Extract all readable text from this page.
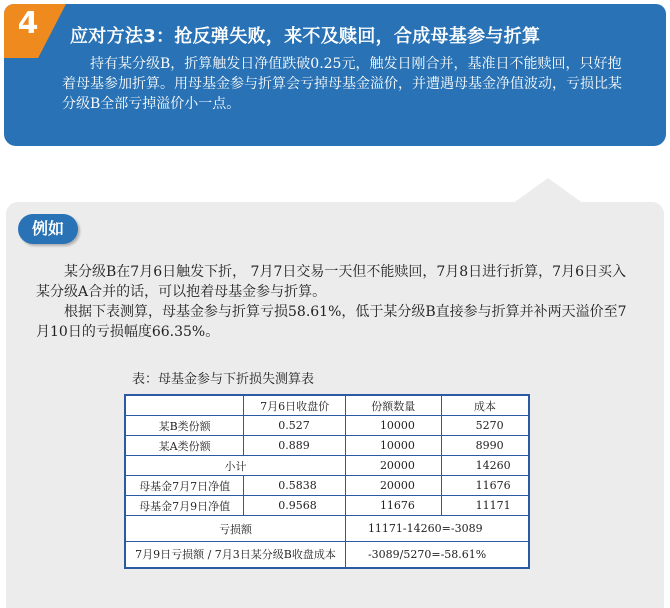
4	应对方法3：抢反弹失败，来不及赎回，合成母基参与折算
持有某分级B，折算触发日净值跌破0.25元，触发日刚合并，基准日不能赎回，只好抱着母基参加折算。用母基金参与折算会亏掉母基金溢价，并遭遇母基金净值波动，亏损比某分级B全部亏掉溢价小一点。
例如
某分级B在7月6日触发下折， 7月7日交易一天但不能赎回，7月8日进行折算，7月6日买入某分级A合并的话，可以抱着母基金参与折算。
根据下表测算，母基金参与折算亏损58.61%，低于某分级B直接参与折算并补两天溢价至7月10日的亏损幅度66.35%。
表：母基金参与下折损失测算表
	7月6日收盘价	份额数量	成本
某B类份额	0.527	10000	5270
某A类份额	0.889	10000	8990
小计		20000	14260
母基金7月7日净值	0.5838	20000	11676
母基金7月9日净值	0.9568	11676	11171
亏损额		11171-14260=-3089	
7月9日亏损额 / 7月3日某分级B收盘成本		-3089/5270=-58.61%	
